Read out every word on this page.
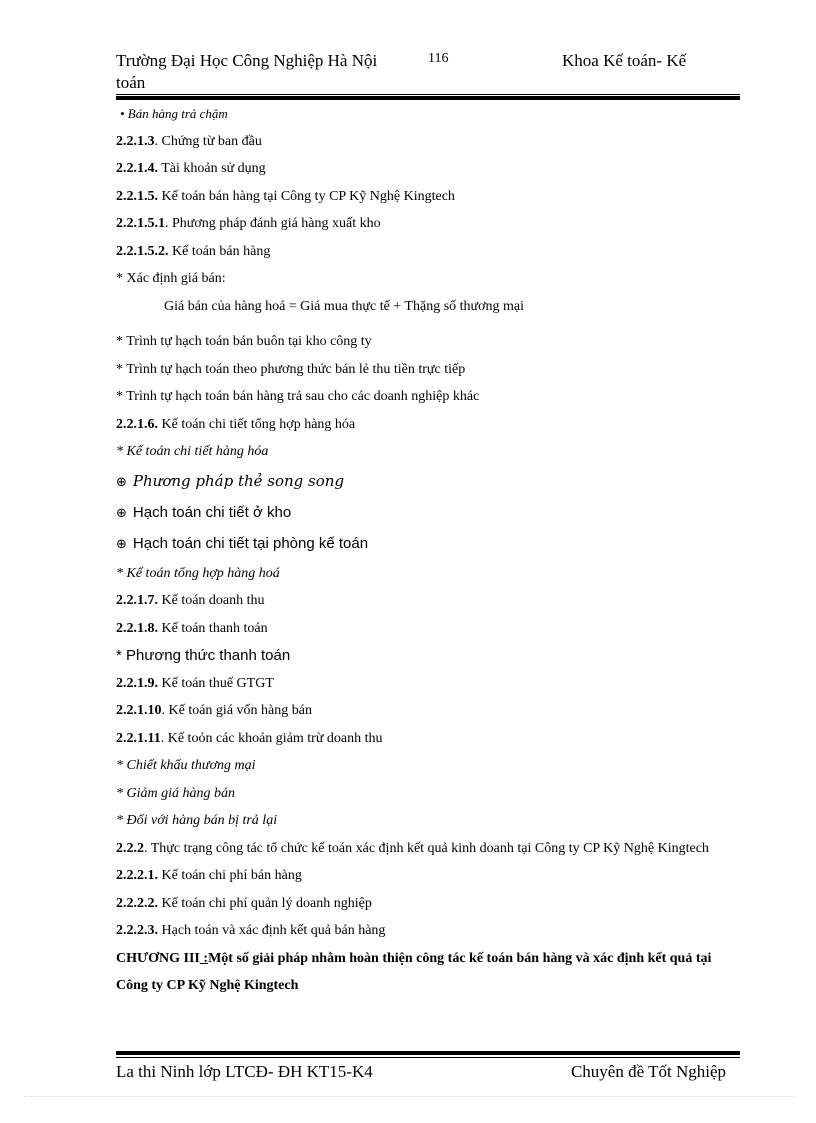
Trường Đại Học Công Nghiệp Hà Nội
toán
116	Khoa Kế toán- Kế
• Bán hàng trả chậm
2.2.1.3. Chứng từ ban đầu
2.2.1.4. Tài khoản sử dụng
2.2.1.5. Kế toán bán hàng tại Công ty CP Kỹ Nghệ Kingtech
2.2.1.5.1. Phương pháp đánh giá hàng xuất kho
2.2.1.5.2. Kế toán bán hàng
* Xác định giá bán:
Giá bán của hàng hoá = Giá mua thực tế + Thặng số thương mại
* Trình tự hạch toán bán buôn tại kho công ty
* Trình tự hạch toán theo phương thức bán lẻ thu tiền trực tiếp
* Trình tự hạch toán bán hàng trả sau cho các doanh nghiệp khác
2.2.1.6. Kế toán chi tiết tổng hợp hàng hóa
* Kế toán chi tiết hàng hóa
⊕ Phương pháp thẻ song song
⊕ Hạch toán chi tiết ở kho
⊕ Hạch toán chi tiết tại phòng kế toán
* Kế toán tổng hợp hàng hoá
2.2.1.7. Kế toán doanh thu
2.2.1.8. Kế toán thanh toán
* Phương thức thanh toán
2.2.1.9. Kế toán thuế GTGT
2.2.1.10. Kế toán giá vốn hàng bán
2.2.1.11. Kế toỏn các khoản giảm trừ doanh thu
* Chiết khấu thương mại
* Giảm giá hàng bán
* Đối với hàng bán bị trả lại
2.2.2. Thực trạng công tác tổ chức kế toán xác định kết quả kinh doanh tại Công ty CP Kỹ Nghệ Kingtech
2.2.2.1. Kế toán chi phí bán hàng
2.2.2.2. Kế toán chi phí quản lý doanh nghiệp
2.2.2.3. Hạch toán và xác định kết quả bán hàng
CHƯƠNG III :Một số giải pháp nhằm hoàn thiện công tác kế toán bán hàng và xác định kết quả tại Công ty CP Kỹ Nghệ Kingtech
La thi Ninh lớp LTCĐ- ĐH KT15-K4	Chuyên đề Tốt Nghiệp
